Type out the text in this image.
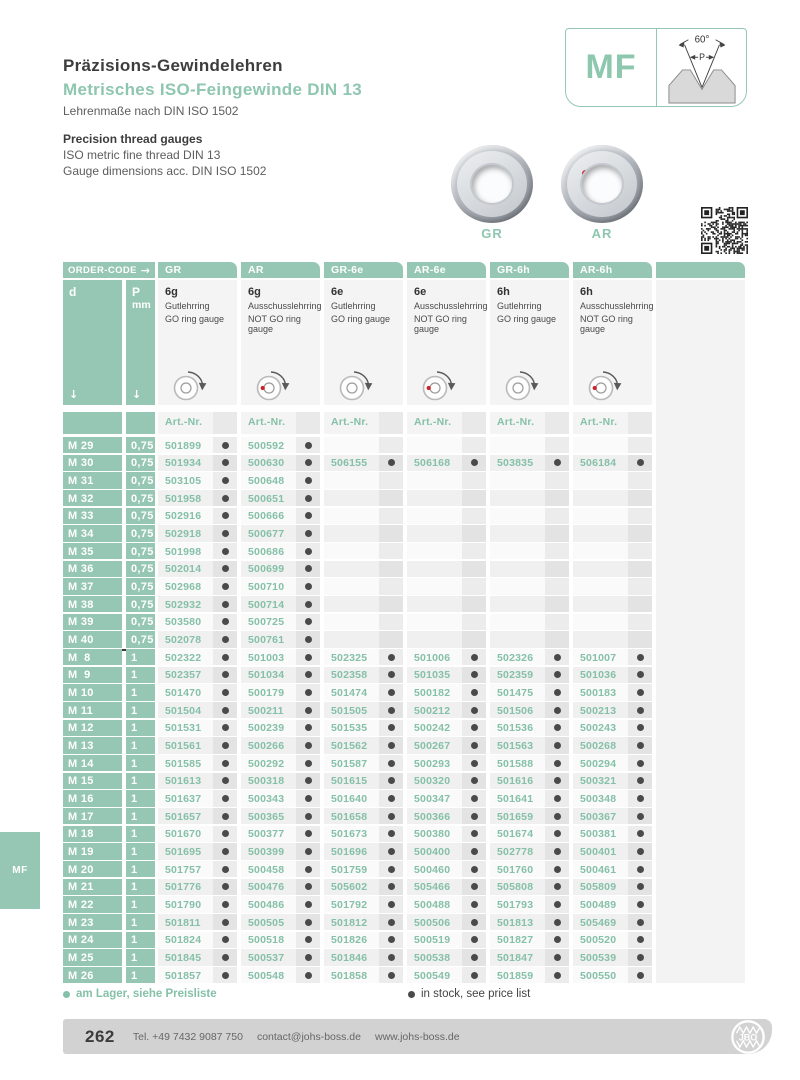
Präzisions-Gewindelehren
Metrisches ISO-Feingewinde DIN 13
Lehrenmaße nach DIN ISO 1502
Precision thread gauges
ISO metric fine thread DIN 13
Gauge dimensions acc. DIN ISO 1502
MF
60°
P
GR	AR
ORDER-CODE →
d
↓
P
mm
↓
GR
6g
Gutlehrring
GO ring gauge
Art.-Nr.
AR
6g
Ausschusslehrring
NOT GO ring gauge
Art.-Nr.
GR-6e
6e
Gutlehrring
GO ring gauge
Art.-Nr.
AR-6e
6e
Ausschusslehrring
NOT GO ring gauge
Art.-Nr.
GR-6h
6h
Gutlehrring
GO ring gauge
Art.-Nr.
AR-6h
6h
Ausschusslehrring
NOT GO ring gauge
Art.-Nr.
M 29	0,75	501899	500592
M 30	0,75	501934	500630	506155	506168	503835	506184
M 31	0,75	503105	500648
M 32	0,75	501958	500651
M 33	0,75	502916	500666
M 34	0,75	502918	500677
M 35	0,75	501998	500686
M 36	0,75	502014	500699
M 37	0,75	502968	500710
M 38	0,75	502932	500714
M 39	0,75	503580	500725
M 40	0,75	502078	500761
M  8	1	502322	501003	502325	501006	502326	501007
M  9	1	502357	501034	502358	501035	502359	501036
M 10	1	501470	500179	501474	500182	501475	500183
M 11	1	501504	500211	501505	500212	501506	500213
M 12	1	501531	500239	501535	500242	501536	500243
M 13	1	501561	500266	501562	500267	501563	500268
M 14	1	501585	500292	501587	500293	501588	500294
M 15	1	501613	500318	501615	500320	501616	500321
M 16	1	501637	500343	501640	500347	501641	500348
M 17	1	501657	500365	501658	500366	501659	500367
M 18	1	501670	500377	501673	500380	501674	500381
M 19	1	501695	500399	501696	500400	502778	500401
M 20	1	501757	500458	501759	500460	501760	500461
M 21	1	501776	500476	505602	505466	505808	505809
M 22	1	501790	500486	501792	500488	501793	500489
M 23	1	501811	500505	501812	500506	501813	505469
M 24	1	501824	500518	501826	500519	501827	500520
M 25	1	501845	500537	501846	500538	501847	500539
M 26	1	501857	500548	501858	500549	501859	500550
am Lager, siehe Preisliste	in stock, see price list
262 Tel. +49 7432 9087 750 contact@johs-boss.de www.johs-boss.de	JBO
MF
